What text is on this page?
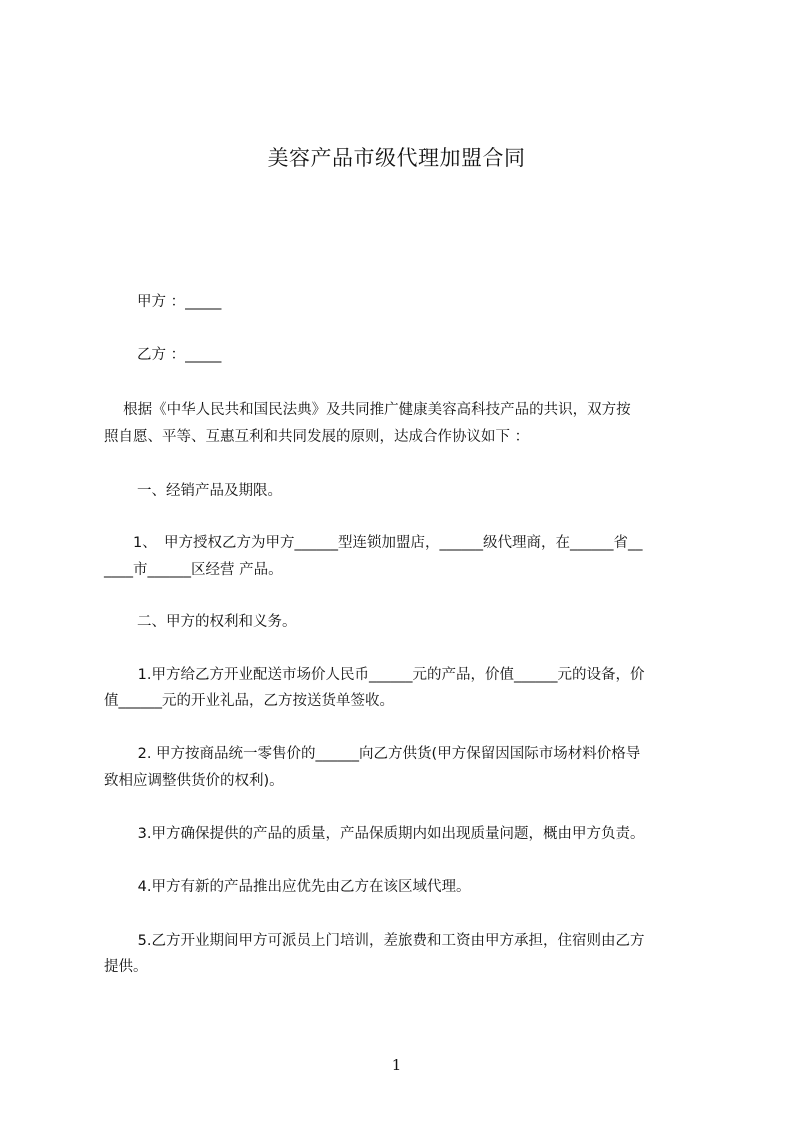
美容产品市级代理加盟合同
甲方 ：_____
乙方 ：_____
　 根据《中华人民共和国民法典》及共同推广健康美容高科技产品的共识，双方按
照自愿、平等、互惠互利和共同发展的原则，达成合作协议如下 ：
一、经销产品及期限。
　　1、　甲方授权乙方为甲方______型连锁加盟店，______级代理商，在______省__
____市______区经营 产品。
二、甲方的权利和义务。
　　 1.甲方给乙方开业配送市场价人民币______元的产品，价值______元的设备，价
值______元的开业礼品，乙方按送货单签收。
　　 2. 甲方按商品统一零售价的______向乙方供货(甲方保留因国际市场材料价格导
致相应调整供货价的权利)。
　　 3.甲方确保提供的产品的质量，产品保质期内如出现质量问题，概由甲方负责。
　　 4.甲方有新的产品推出应优先由乙方在该区域代理。
　　 5.乙方开业期间甲方可派员上门培训，差旅费和工资由甲方承担，住宿则由乙方
提供。
1
